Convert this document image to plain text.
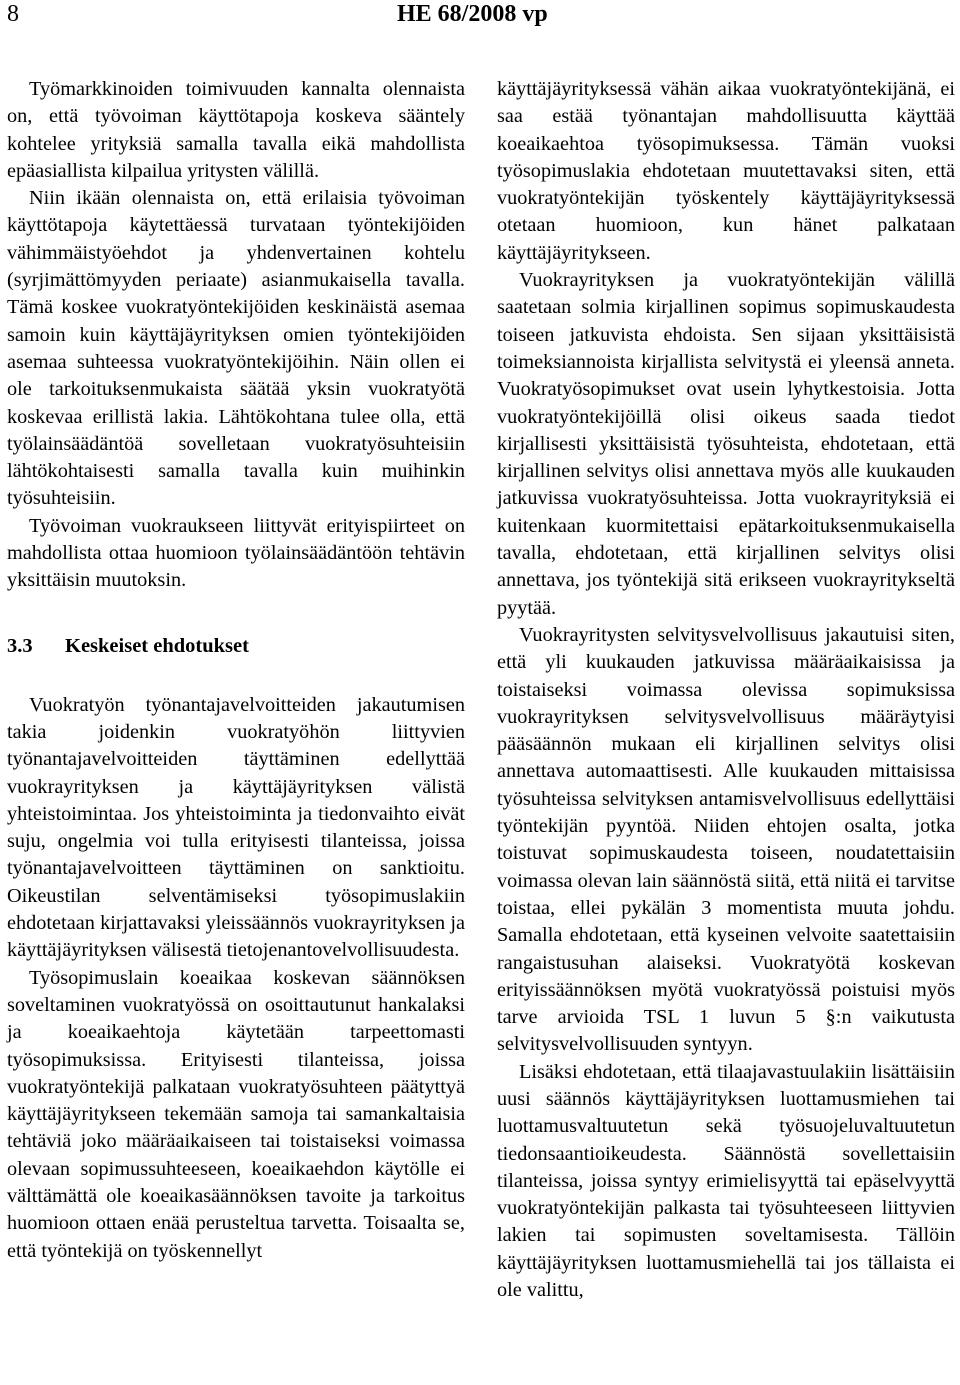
8	HE 68/2008 vp

Työmarkkinoiden toimivuuden kannalta olennaista on, että työvoiman käyttötapoja koskeva sääntely kohtelee yrityksiä samalla tavalla eikä mahdollista epäasiallista kilpailua yritysten välillä.

Niin ikään olennaista on, että erilaisia työvoiman käyttötapoja käytettäessä turvataan työntekijöiden vähimmäistyöehdot ja yhdenvertainen kohtelu (syrjimättömyyden periaate) asianmukaisella tavalla. Tämä koskee vuokratyöntekijöiden keskinäistä asemaa samoin kuin käyttäjäyrityksen omien työntekijöiden asemaa suhteessa vuokratyöntekijöihin. Näin ollen ei ole tarkoituksenmukaista säätää yksin vuokratyötä koskevaa erillistä lakia. Lähtökohtana tulee olla, että työlainsäädäntöä sovelletaan vuokratyösuhteisiin lähtökohtaisesti samalla tavalla kuin muihinkin työsuhteisiin.

Työvoiman vuokraukseen liittyvät erityispiirteet on mahdollista ottaa huomioon työlainsäädäntöön tehtävin yksittäisin muutoksin.

3.3 Keskeiset ehdotukset

Vuokratyön työnantajavelvoitteiden jakautumisen takia joidenkin vuokratyöhön liittyvien työnantajavelvoitteiden täyttäminen edellyttää vuokrayrityksen ja käyttäjäyrityksen välistä yhteistoimintaa. Jos yhteistoiminta ja tiedonvaihto eivät suju, ongelmia voi tulla erityisesti tilanteissa, joissa työnantajavelvoitteen täyttäminen on sanktioitu. Oikeustilan selventämiseksi työsopimuslakiin ehdotetaan kirjattavaksi yleissäännös vuokrayrityksen ja käyttäjäyrityksen välisestä tietojenantovelvollisuudesta.

Työsopimuslain koeaikaa koskevan säännöksen soveltaminen vuokratyössä on osoittautunut hankalaksi ja koeaikaehtoja käytetään tarpeettomasti työsopimuksissa. Erityisesti tilanteissa, joissa vuokratyöntekijä palkataan vuokratyösuhteen päätyttyä käyttäjäyritykseen tekemään samoja tai samankaltaisia tehtäviä joko määräaikaiseen tai toistaiseksi voimassa olevaan sopimussuhteeseen, koeaikaehdon käytölle ei välttämättä ole koeaikasäännöksen tavoite ja tarkoitus huomioon ottaen enää perusteltua tarvetta. Toisaalta se, että työntekijä on työskennellyt

käyttäjäyrityksessä vähän aikaa vuokratyöntekijänä, ei saa estää työnantajan mahdollisuutta käyttää koeaikaehtoa työsopimuksessa. Tämän vuoksi työsopimuslakia ehdotetaan muutettavaksi siten, että vuokratyöntekijän työskentely käyttäjäyrityksessä otetaan huomioon, kun hänet palkataan käyttäjäyritykseen.

Vuokrayrityksen ja vuokratyöntekijän välillä saatetaan solmia kirjallinen sopimus sopimuskaudesta toiseen jatkuvista ehdoista. Sen sijaan yksittäisistä toimeksiannoista kirjallista selvitystä ei yleensä anneta. Vuokratyösopimukset ovat usein lyhytkestoisia. Jotta vuokratyöntekijöillä olisi oikeus saada tiedot kirjallisesti yksittäisistä työsuhteista, ehdotetaan, että kirjallinen selvitys olisi annettava myös alle kuukauden jatkuvissa vuokratyösuhteissa. Jotta vuokrayrityksiä ei kuitenkaan kuormitettaisi epätarkoituksenmukaisella tavalla, ehdotetaan, että kirjallinen selvitys olisi annettava, jos työntekijä sitä erikseen vuokrayritykseltä pyytää.

Vuokrayritysten selvitysvelvollisuus jakautuisi siten, että yli kuukauden jatkuvissa määräaikaisissa ja toistaiseksi voimassa olevissa sopimuksissa vuokrayrityksen selvitysvelvollisuus määräytyisi pääsäännön mukaan eli kirjallinen selvitys olisi annettava automaattisesti. Alle kuukauden mittaisissa työsuhteissa selvityksen antamisvelvollisuus edellyttäisi työntekijän pyyntöä. Niiden ehtojen osalta, jotka toistuvat sopimuskaudesta toiseen, noudatettaisiin voimassa olevan lain säännöstä siitä, että niitä ei tarvitse toistaa, ellei pykälän 3 momentista muuta johdu. Samalla ehdotetaan, että kyseinen velvoite saatettaisiin rangaistusuhan alaiseksi. Vuokratyötä koskevan erityissäännöksen myötä vuokratyössä poistuisi myös tarve arvioida TSL 1 luvun 5 §:n vaikutusta selvitysvelvollisuuden syntyyn.

Lisäksi ehdotetaan, että tilaajavastuulakiin lisättäisiin uusi säännös käyttäjäyrityksen luottamusmiehen tai luottamusvaltuutetun sekä työsuojeluvaltuutetun tiedonsaantioikeudesta. Säännöstä sovellettaisiin tilanteissa, joissa syntyy erimielisyyttä tai epäselvyyttä vuokratyöntekijän palkasta tai työsuhteeseen liittyvien lakien tai sopimusten soveltamisesta. Tällöin käyttäjäyrityksen luottamusmiehellä tai jos tällaista ei ole valittu,
